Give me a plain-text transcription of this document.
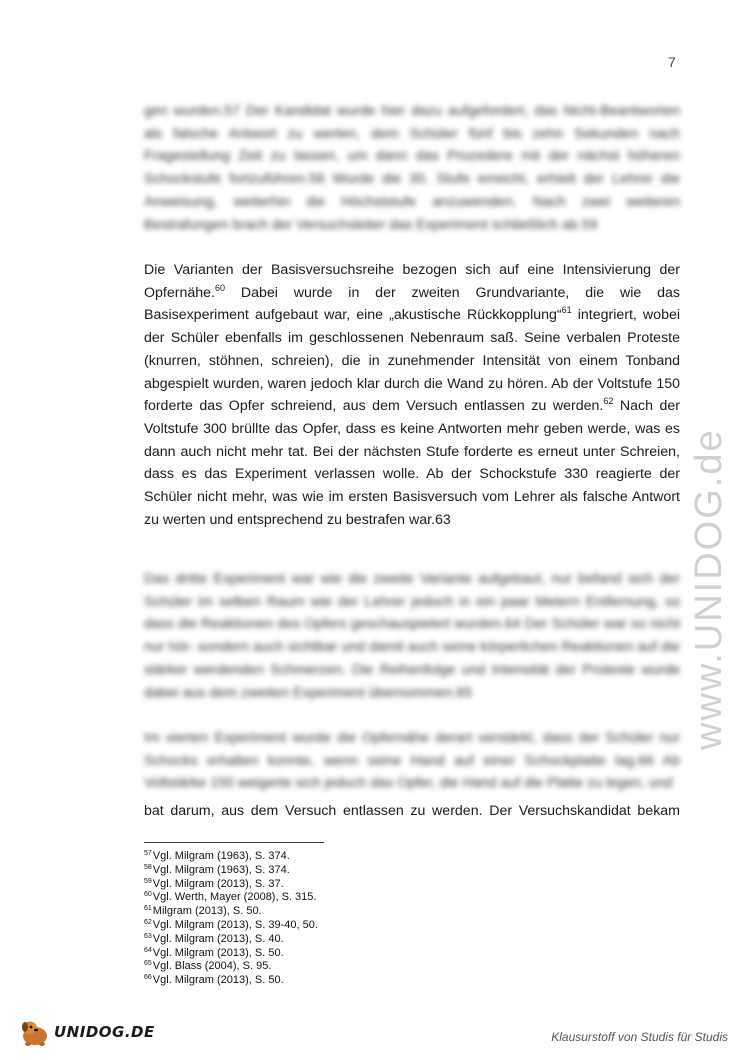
7

gen wurden.57 Der Kandidat wurde hier dazu aufgefordert, das Nicht-Beantworten als falsche Antwort zu werten, dem Schüler fünf bis zehn Sekunden nach Fragestellung Zeit zu lassen, um dann das Prozedere mit der nächst höheren Schockstufe fortzuführen.58 Wurde die 30. Stufe erreicht, erhielt der Lehrer die Anweisung, weiterhin die Höchststufe anzuwenden. Nach zwei weiteren Bestrafungen brach der Versuchsleiter das Experiment schließlich ab.59

Die Varianten der Basisversuchsreihe bezogen sich auf eine Intensivierung der Opfernähe.$^{60}$ Dabei wurde in der zweiten Grundvariante, die wie das Basisexperiment aufgebaut war, eine „akustische Rückkopplung“$^{61}$ integriert, wobei der Schüler ebenfalls im geschlossenen Nebenraum saß. Seine verbalen Proteste (knurren, stöhnen, schreien), die in zunehmender Intensität von einem Tonband abgespielt wurden, waren jedoch klar durch die Wand zu hören. Ab der Voltstufe 150 forderte das Opfer schreiend, aus dem Versuch entlassen zu werden.$^{62}$ Nach der Voltstufe 300 brüllte das Opfer, dass es keine Antworten mehr geben werde, was es dann auch nicht mehr tat. Bei der nächsten Stufe forderte es erneut unter Schreien, dass es das Experiment verlassen wolle. Ab der Schockstufe 330 reagierte der Schüler nicht mehr, was wie im ersten Basisversuch vom Lehrer als falsche Antwort zu werten und entsprechend zu bestrafen war.63

Das dritte Experiment war wie die zweite Variante aufgebaut, nur befand sich der Schüler im selben Raum wie der Lehrer jedoch in ein paar Metern Entfernung, so dass die Reaktionen des Opfers geschauspielert wurden.64 Der Schüler war so nicht nur hör- sondern auch sichtbar und damit auch seine körperlichen Reaktionen auf die stärker werdenden Schmerzen. Die Reihenfolge und Intensität der Proteste wurde dabei aus dem zweiten Experiment übernommen.65

Im vierten Experiment wurde die Opfernähe derart verstärkt, dass der Schüler nur Schocks erhalten konnte, wenn seine Hand auf einer Schockplatte lag.66 Ab Voltstärke 150 weigerte sich jedoch das Opfer, die Hand auf die Platte zu legen, und

bat darum, aus dem Versuch entlassen zu werden. Der Versuchskandidat bekam

$^{57}$Vgl. Milgram (1963), S. 374.
$^{58}$Vgl. Milgram (1963), S. 374.
$^{59}$Vgl. Milgram (2013), S. 37.
$^{60}$Vgl. Werth, Mayer (2008), S. 315.
$^{61}$Milgram (2013), S. 50.
$^{62}$Vgl. Milgram (2013), S. 39-40, 50.
$^{63}$Vgl. Milgram (2013), S. 40.
$^{64}$Vgl. Milgram (2013), S. 50.
$^{65}$Vgl. Blass (2004), S. 95.
$^{66}$Vgl. Milgram (2013), S. 50.
www.UNIDOG.de
UNIDOG.DE	Klausurstoff von Studis für Studis
